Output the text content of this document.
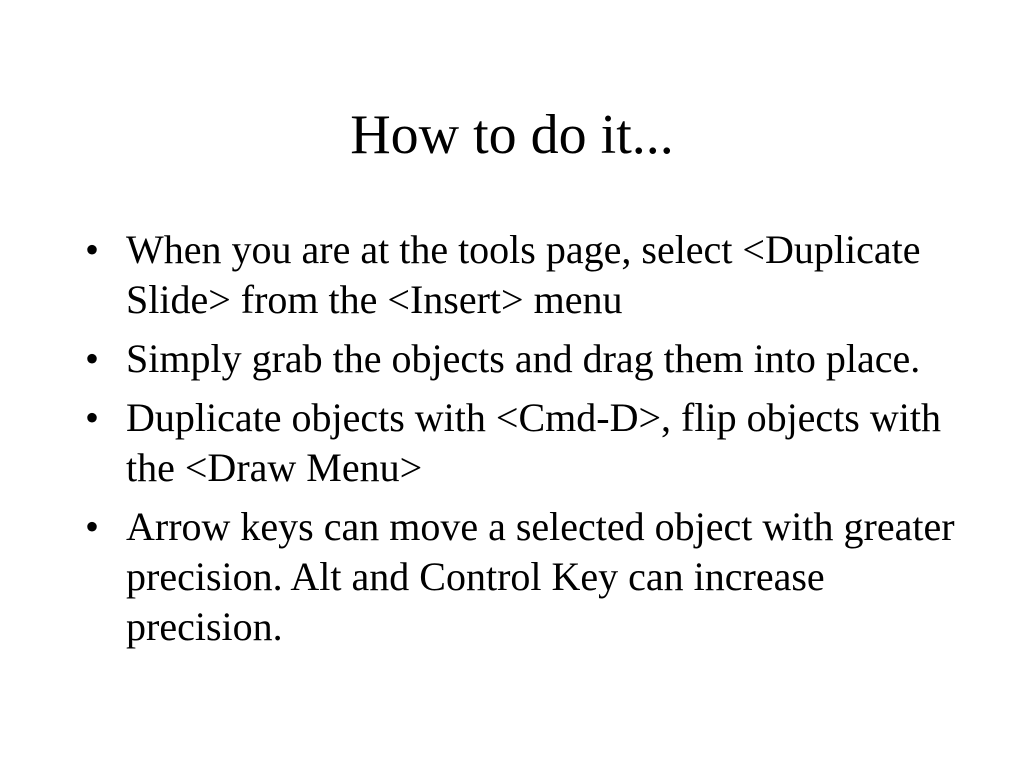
How to do it...
• When you are at the tools page, select <Duplicate Slide> from the <Insert> menu
• Simply grab the objects and drag them into place.
• Duplicate objects with <Cmd-D>, flip objects with the <Draw Menu>
• Arrow keys can move a selected object with greater precision. Alt and Control Key can increase precision.
